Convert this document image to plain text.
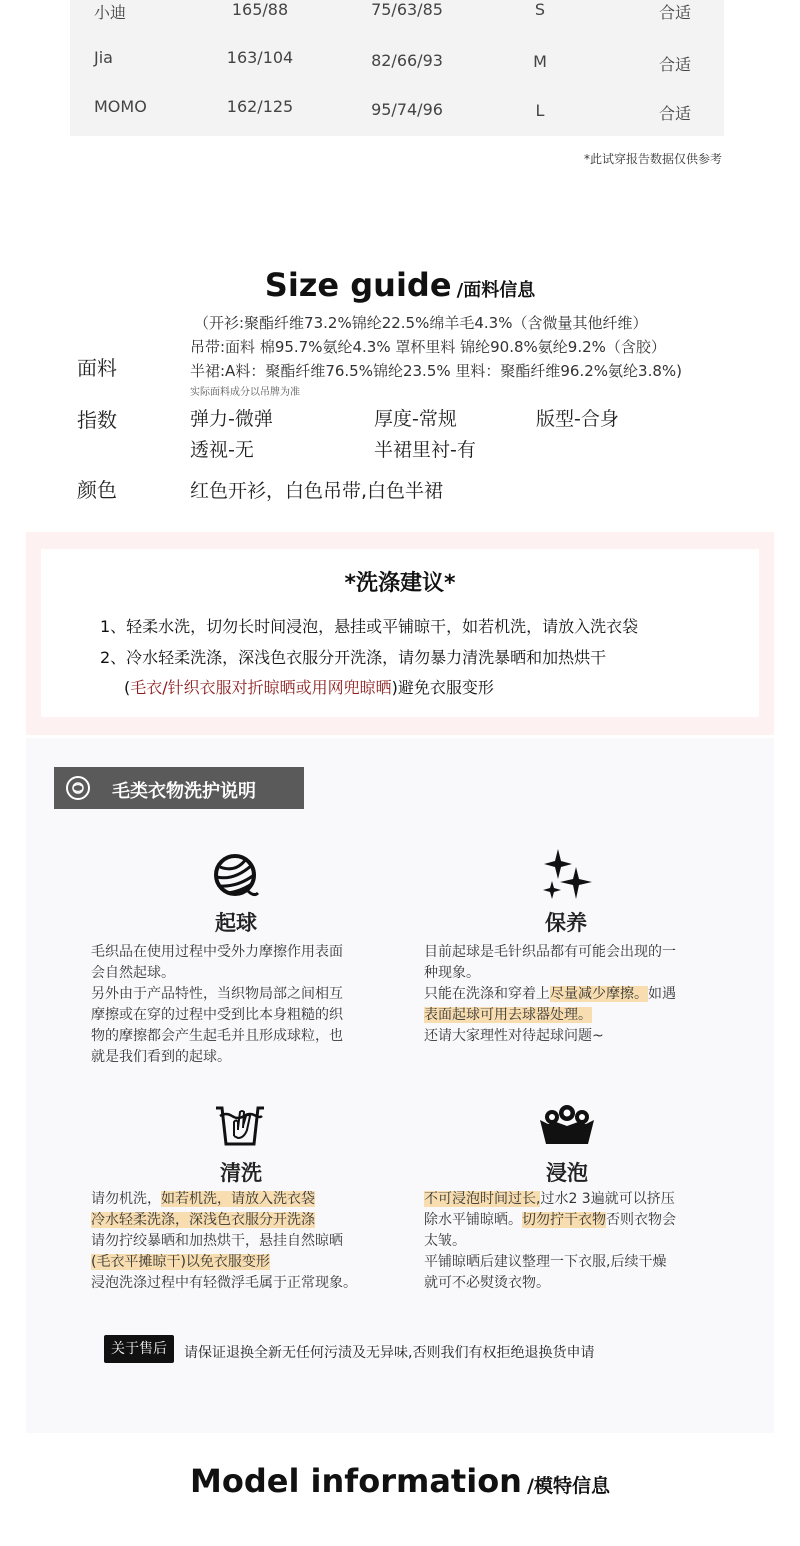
小迪	165/88	75/63/85	S	合适
Jia	163/104	82/66/93	M	合适
MOMO	162/125	95/74/96	L	合适
*此试穿报告数据仅供参考
Size guide /面料信息
面料
（开衫:聚酯纤维73.2%锦纶22.5%绵羊毛4.3%（含微量其他纤维）
吊带:面料 棉95.7%氨纶4.3% 罩杯里料 锦纶90.8%氨纶9.2%（含胶）
半裙:A料：聚酯纤维76.5%锦纶23.5% 里料：聚酯纤维96.2%氨纶3.8%)
实际面料成分以吊牌为准
指数	弹力-微弹	厚度-常规	版型-合身
透视-无	半裙里衬-有
颜色	红色开衫，白色吊带,白色半裙
*洗涤建议*
1、轻柔水洗，切勿长时间浸泡，悬挂或平铺晾干，如若机洗，请放入洗衣袋
2、冷水轻柔洗涤，深浅色衣服分开洗涤，请勿暴力清洗暴晒和加热烘干
(毛衣/针织衣服对折晾晒或用网兜晾晒)避免衣服变形
毛类衣物洗护说明
起球
毛织品在使用过程中受外力摩擦作用表面
会自然起球。
另外由于产品特性，当织物局部之间相互
摩擦或在穿的过程中受到比本身粗糙的织
物的摩擦都会产生起毛并且形成球粒，也
就是我们看到的起球。
保养
目前起球是毛针织品都有可能会出现的一
种现象。
只能在洗涤和穿着上尽量减少摩擦。如遇
表面起球可用去球器处理。
还请大家理性对待起球问题~
清洗
请勿机洗，如若机洗，请放入洗衣袋
冷水轻柔洗涤，深浅色衣服分开洗涤
请勿拧绞暴晒和加热烘干，悬挂自然晾晒
(毛衣平摊晾干)以免衣服变形
浸泡洗涤过程中有轻微浮毛属于正常现象。
浸泡
不可浸泡时间过长,过水2 3遍就可以挤压
除水平铺晾晒。切勿拧干衣物否则衣物会
太皱。
平铺晾晒后建议整理一下衣服,后续干燥
就可不必熨烫衣物。
关于售后	请保证退换全新无任何污渍及无异味,否则我们有权拒绝退换货申请
Model information /模特信息
